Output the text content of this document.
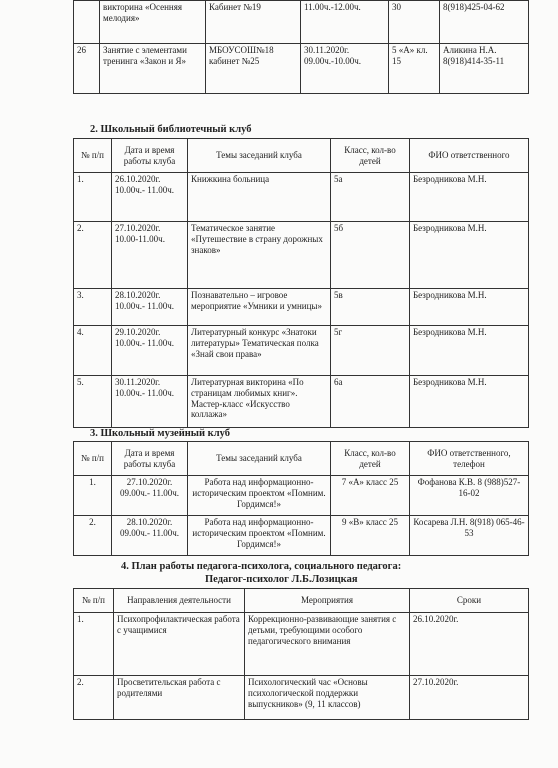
	викторина «Осенняя мелодия»	Кабинет №19	11.00ч.-12.00ч.	30	8(918)425-04-62
26	Занятие с элементами тренинга «Закон и Я»	МБОУСОШ№18 кабинет №25	30.11.2020г. 09.00ч.-10.00ч.	5 «А» кл. 15	Аликина Н.А. 8(918)414-35-11
2. Школьный библиотечный клуб
№ п/п	Дата и время работы клуба	Темы заседаний клуба	Класс, кол-во детей	ФИО ответственного
1.	26.10.2020г. 10.00ч.- 11.00ч.	Книжкина больница	5а	Безродникова М.Н.
2.	27.10.2020г. 10.00-11.00ч.	Тематическое занятие «Путешествие в страну дорожных знаков»	5б	Безродникова М.Н.
3.	28.10.2020г. 10.00ч.- 11.00ч.	Познавательно – игровое мероприятие «Умники и умницы»	5в	Безродникова М.Н.
4.	29.10.2020г. 10.00ч.- 11.00ч.	Литературный конкурс «Знатоки литературы» Тематическая полка «Знай свои права»	5г	Безродникова М.Н.
5.	30.11.2020г. 10.00ч.- 11.00ч.	Литературная викторина «По страницам любимых книг». Мастер-класс «Искусство коллажа»	6а	Безродникова М.Н.
3. Школьный музейный клуб
№ п/п	Дата и время работы клуба	Темы заседаний клуба	Класс, кол-во детей	ФИО ответственного, телефон
1.	27.10.2020г. 09.00ч.- 11.00ч.	Работа над информационно-историческим проектом «Помним. Гордимся!»	7 «А» класс 25	Фофанова К.В. 8 (988)527-16-02
2.	28.10.2020г. 09.00ч.- 11.00ч.	Работа над информационно-историческим проектом «Помним. Гордимся!»	9 «В» класс 25	Косарева Л.Н. 8(918) 065-46-53
4. План работы педагога-психолога, социального педагога:
Педагог-психолог Л.Б.Лозицкая
№ п/п	Направления деятельности	Мероприятия	Сроки
1.	Психопрофилактическая работа с учащимися	Коррекционно-развивающие занятия с детьми, требующими особого педагогического внимания	26.10.2020г.
2.	Просветительская работа с родителями	Психологический час «Основы психологической поддержки выпускников» (9, 11 классов)	27.10.2020г.
